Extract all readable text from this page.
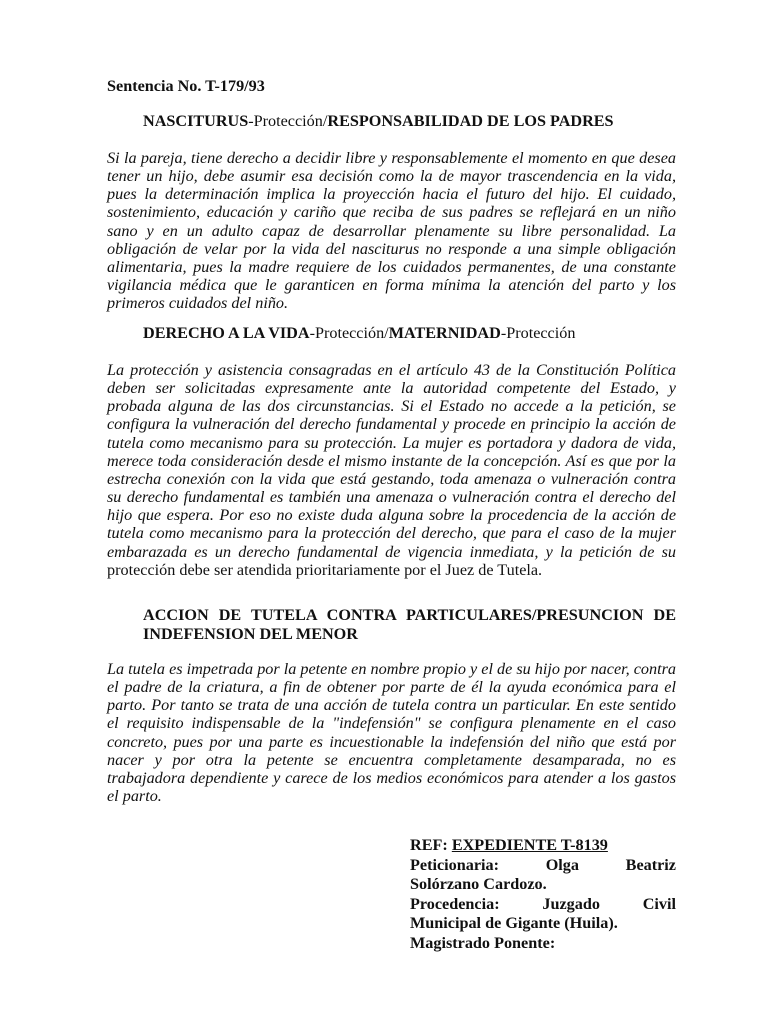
Sentencia No. T-179/93
NASCITURUS-Protección/RESPONSABILIDAD DE LOS PADRES
Si la pareja, tiene derecho a decidir libre y responsablemente el momento en que desea tener un hijo, debe asumir esa decisión como la de mayor trascendencia en la vida, pues la determinación implica la proyección hacia el futuro del hijo. El cuidado, sostenimiento, educación y cariño que reciba de sus padres se reflejará en un niño sano y en un adulto capaz de desarrollar plenamente su libre personalidad. La obligación de velar por la vida del nasciturus no responde a una simple obligación alimentaria, pues la madre requiere de los cuidados permanentes, de una constante vigilancia médica que le garanticen en forma mínima la atención del parto y los primeros cuidados del niño.
DERECHO A LA VIDA-Protección/MATERNIDAD-Protección
La protección y asistencia consagradas en el artículo 43 de la Constitución Política deben ser solicitadas expresamente ante la autoridad competente del Estado, y probada alguna de las dos circunstancias. Si el Estado no accede a la petición, se configura la vulneración del derecho fundamental y procede en principio la acción de tutela como mecanismo para su protección. La mujer es portadora y dadora de vida, merece toda consideración desde el mismo instante de la concepción. Así es que por la estrecha conexión con la vida que está gestando, toda amenaza o vulneración contra su derecho fundamental es también una amenaza o vulneración contra el derecho del hijo que espera. Por eso no existe duda alguna sobre la procedencia de la acción de tutela como mecanismo para la protección del derecho, que para el caso de la mujer embarazada es un derecho fundamental de vigencia inmediata, y la petición de su protección debe ser atendida prioritariamente por el Juez de Tutela.
ACCION DE TUTELA CONTRA PARTICULARES/PRESUNCION DE INDEFENSION DEL MENOR
La tutela es impetrada por la petente en nombre propio y el de su hijo por nacer, contra el padre de la criatura, a fin de obtener por parte de él la ayuda económica para el parto. Por tanto se trata de una acción de tutela contra un particular. En este sentido el requisito indispensable de la "indefensión" se configura plenamente en el caso concreto, pues por una parte es incuestionable la indefensión del niño que está por nacer y por otra la petente se encuentra completamente desamparada, no es trabajadora dependiente y carece de los medios económicos para atender a los gastos el parto.
REF: EXPEDIENTE T-8139
Peticionaria:	Olga	Beatriz
Solórzano Cardozo.
Procedencia:	Juzgado	Civil
Municipal de Gigante (Huila).
Magistrado Ponente:
